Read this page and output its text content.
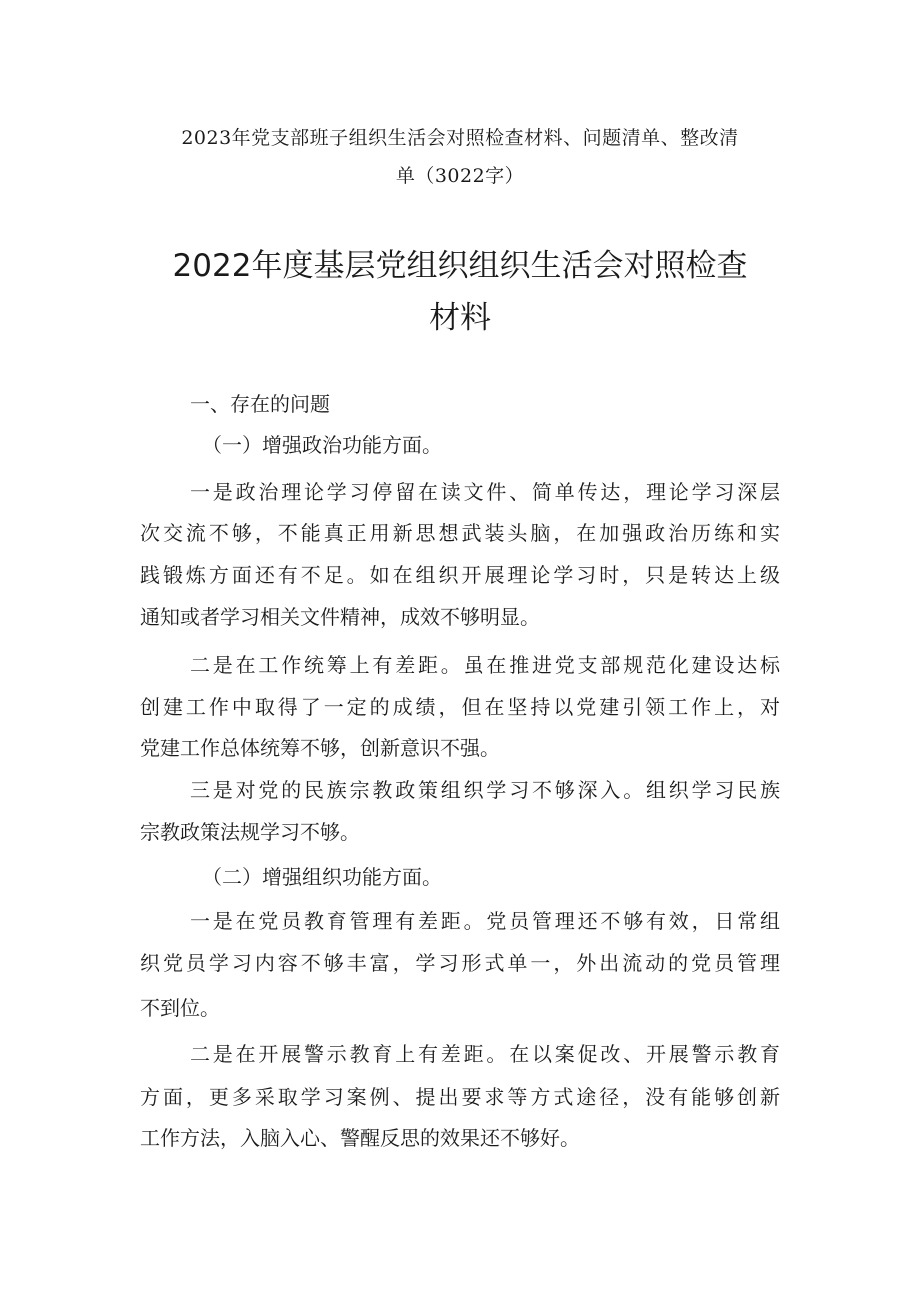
2023年党支部班子组织生活会对照检查材料、问题清单、整改清
单（3022字）
2022年度基层党组织组织生活会对照检查
材料
一、存在的问题
（一）增强政治功能方面。
一是政治理论学习停留在读文件、简单传达，理论学习深层
次交流不够，不能真正用新思想武装头脑，在加强政治历练和实
践锻炼方面还有不足。如在组织开展理论学习时，只是转达上级
通知或者学习相关文件精神，成效不够明显。
二是在工作统筹上有差距。虽在推进党支部规范化建设达标
创建工作中取得了一定的成绩，但在坚持以党建引领工作上，对
党建工作总体统筹不够，创新意识不强。
三是对党的民族宗教政策组织学习不够深入。组织学习民族
宗教政策法规学习不够。
（二）增强组织功能方面。
一是在党员教育管理有差距。党员管理还不够有效，日常组
织党员学习内容不够丰富，学习形式单一，外出流动的党员管理
不到位。
二是在开展警示教育上有差距。在以案促改、开展警示教育
方面，更多采取学习案例、提出要求等方式途径，没有能够创新
工作方法，入脑入心、警醒反思的效果还不够好。
